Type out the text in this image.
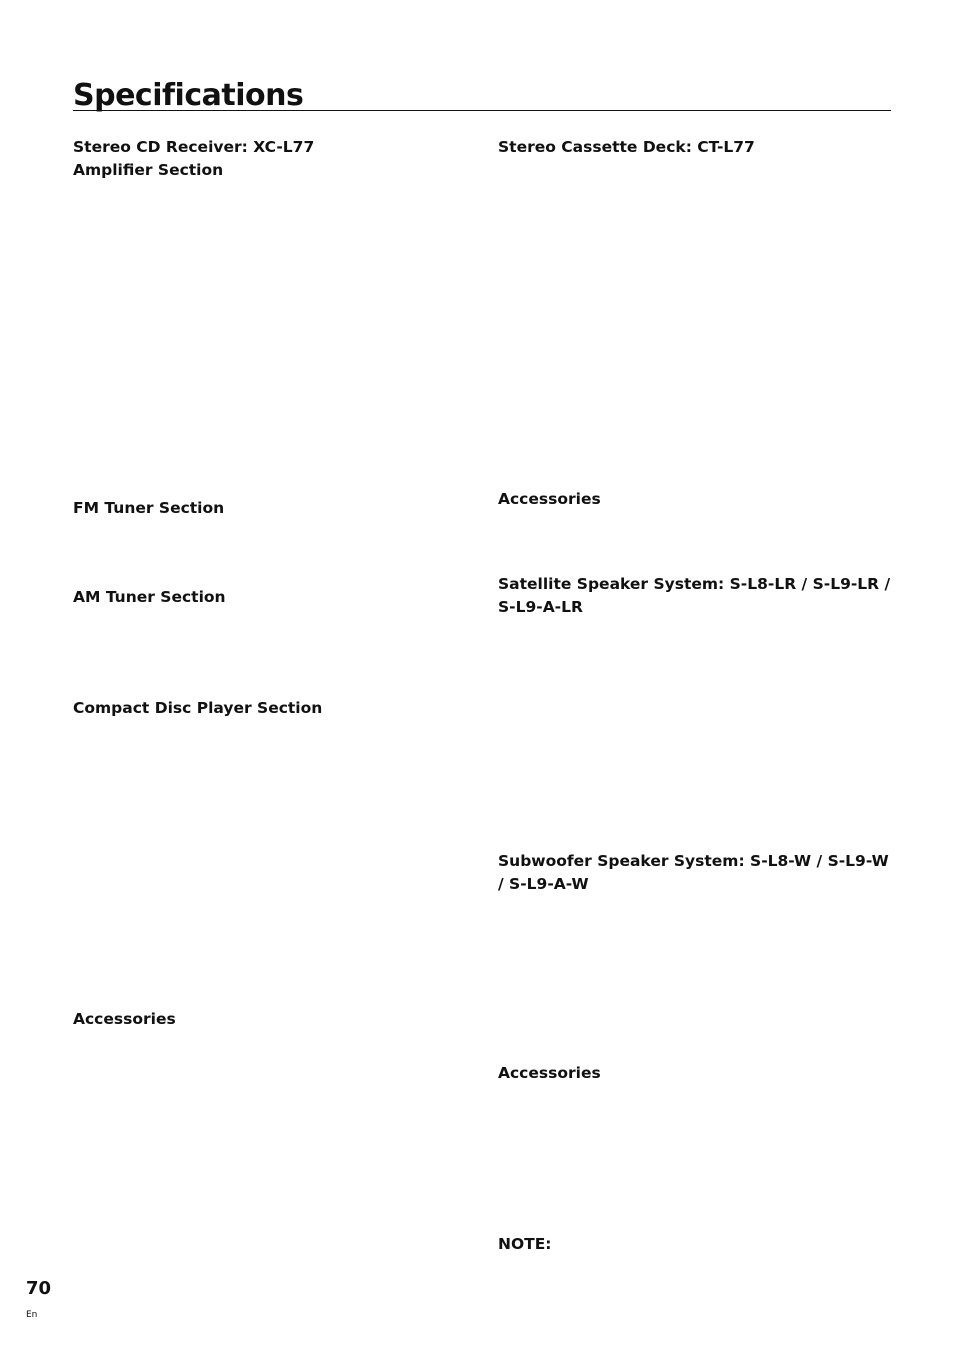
Specifications
Stereo CD Receiver: XC-L77
Amplifier Section
FM Tuner Section
AM Tuner Section
Compact Disc Player Section
Accessories
Stereo Cassette Deck: CT-L77
Accessories
Satellite Speaker System: S-L8-LR / S-L9-LR / S-L9-A-LR
Subwoofer Speaker System: S-L8-W / S-L9-W / S-L9-A-W
Accessories
NOTE:
70
En
